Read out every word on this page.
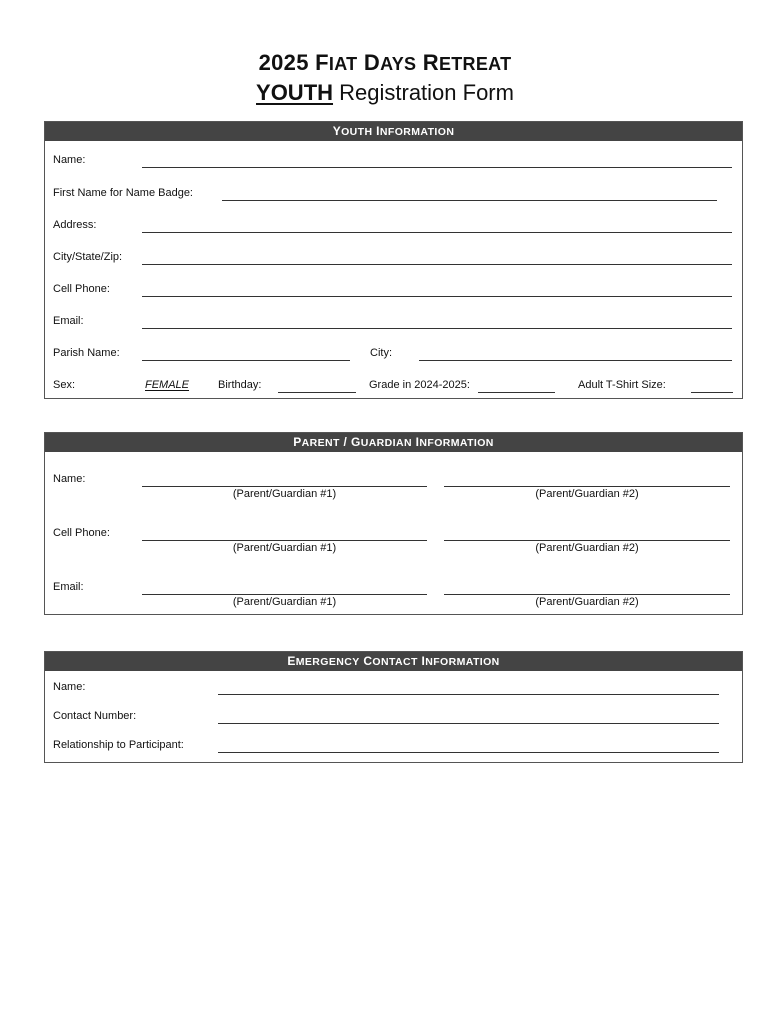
2025 FIAT DAYS RETREAT
YOUTH Registration Form
YOUTH INFORMATION
Name:
First Name for Name Badge:
Address:
City/State/Zip:
Cell Phone:
Email:
Parish Name:	City:
Sex:	FEMALE	Birthday:	Grade in 2024-2025:	Adult T-Shirt Size:
PARENT / GUARDIAN INFORMATION
Name:
(Parent/Guardian #1)	(Parent/Guardian #2)
Cell Phone:
(Parent/Guardian #1)	(Parent/Guardian #2)
Email:
(Parent/Guardian #1)	(Parent/Guardian #2)
EMERGENCY CONTACT INFORMATION
Name:
Contact Number:
Relationship to Participant:
